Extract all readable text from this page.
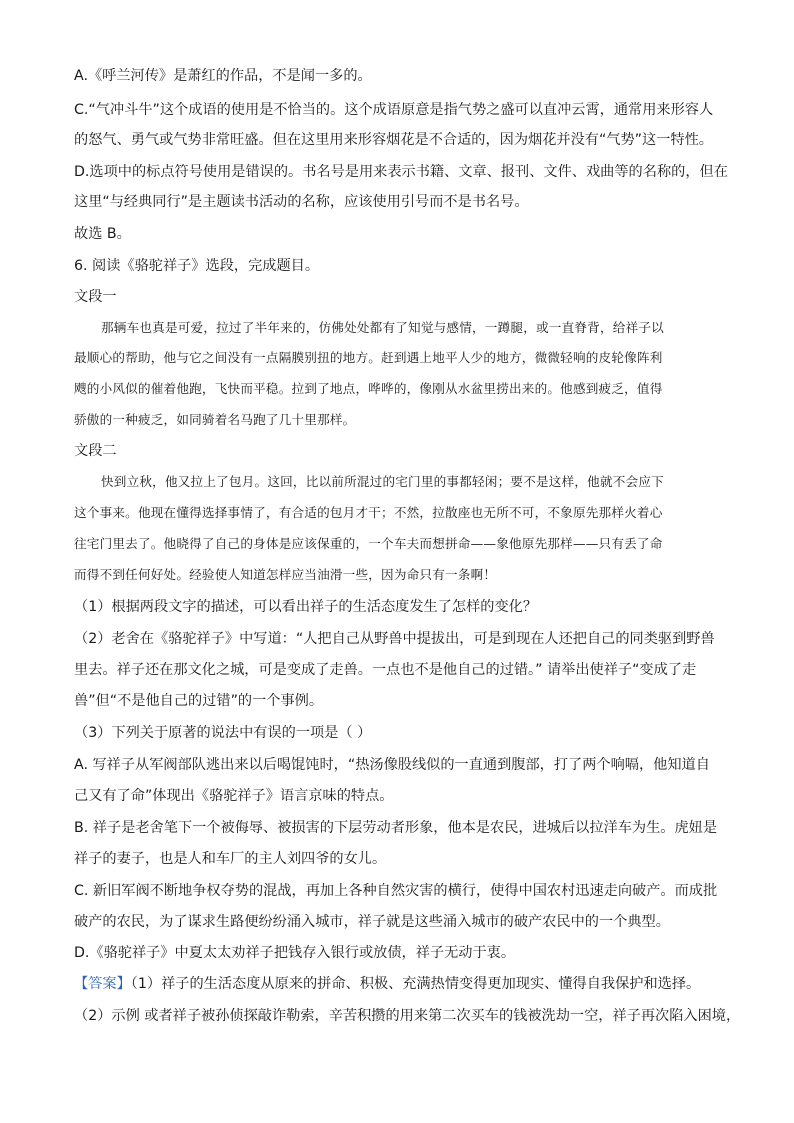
A.《呼兰河传》是萧红的作品，不是闻一多的。
C.“气冲斗牛”这个成语的使用是不恰当的。这个成语原意是指气势之盛可以直冲云霄，通常用来形容人
的怒气、勇气或气势非常旺盛。但在这里用来形容烟花是不合适的，因为烟花并没有“气势”这一特性。
D.选项中的标点符号使用是错误的。书名号是用来表示书籍、文章、报刊、文件、戏曲等的名称的，但在
这里“与经典同行”是主题读书活动的名称，应该使用引号而不是书名号。
故选 B。
6. 阅读《骆驼祥子》选段，完成题目。
文段一
那辆车也真是可爱，拉过了半年来的，仿佛处处都有了知觉与感情，一蹲腿，或一直脊背，给祥子以
最顺心的帮助，他与它之间没有一点隔膜别扭的地方。赶到遇上地平人少的地方，微微轻响的皮轮像阵利
飕的小风似的催着他跑，飞快而平稳。拉到了地点，哗哗的，像刚从水盆里捞出来的。他感到疲乏，值得
骄傲的一种疲乏，如同骑着名马跑了几十里那样。
文段二
快到立秋，他又拉上了包月。这回，比以前所混过的宅门里的事都轻闲；要不是这样，他就不会应下
这个事来。他现在懂得选择事情了，有合适的包月才干；不然，拉散座也无所不可，不象原先那样火着心
往宅门里去了。他晓得了自己的身体是应该保重的，一个车夫而想拼命——象他原先那样——只有丢了命
而得不到任何好处。经验使人知道怎样应当油滑一些，因为命只有一条啊！
（1）根据两段文字的描述，可以看出祥子的生活态度发生了怎样的变化？
（2）老舍在《骆驼祥子》中写道：“人把自己从野兽中提拔出，可是到现在人还把自己的同类驱到野兽
里去。祥子还在那文化之城，可是变成了走兽。一点也不是他自己的过错。” 请举出使祥子“变成了走
兽”但“不是他自己的过错”的一个事例。
（3）下列关于原著的说法中有误的一项是（ ）
A. 写祥子从军阀部队逃出来以后喝馄饨时，“热汤像股线似的一直通到腹部，打了两个响嗝，他知道自
己又有了命”体现出《骆驼祥子》语言京味的特点。
B. 祥子是老舍笔下一个被侮辱、被损害的下层劳动者形象，他本是农民，进城后以拉洋车为生。虎妞是
祥子的妻子，也是人和车厂的主人刘四爷的女儿。
C. 新旧军阀不断地争权夺势的混战，再加上各种自然灾害的横行，使得中国农村迅速走向破产。而成批
破产的农民，为了谋求生路便纷纷涌入城市，祥子就是这些涌入城市的破产农民中的一个典型。
D.《骆驼祥子》中夏太太劝祥子把钱存入银行或放债，祥子无动于衷。
【答案】（1）祥子的生活态度从原来的拼命、积极、充满热情变得更加现实、懂得自我保护和选择。
（2）示例 或者祥子被孙侦探敲诈勒索，辛苦积攒的用来第二次买车的钱被洗劫一空，祥子再次陷入困境，
